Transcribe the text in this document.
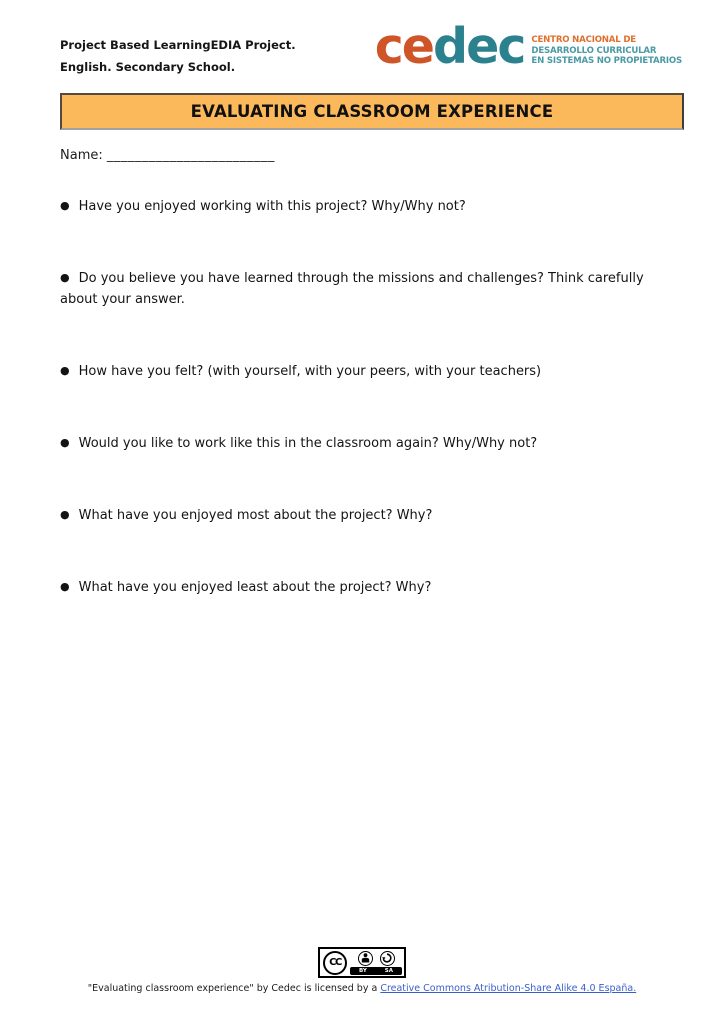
Project Based LearningEDIA Project.
English. Secondary School.	cedec CENTRO NACIONAL DE
DESARROLLO CURRICULAR
EN SISTEMAS NO PROPIETARIOS
EVALUATING CLASSROOM EXPERIENCE
Name: ________________________
● Have you enjoyed working with this project? Why/Why not?
● Do you believe you have learned through the missions and challenges? Think carefully about your answer.
● How have you felt? (with yourself, with your peers, with your teachers)
● Would you like to work like this in the classroom again? Why/Why not?
● What have you enjoyed most about the project? Why?
● What have you enjoyed least about the project? Why?
CC
BY	SA
"Evaluating classroom experience" by Cedec is licensed by a Creative Commons Atribution-Share Alike 4.0 España.
